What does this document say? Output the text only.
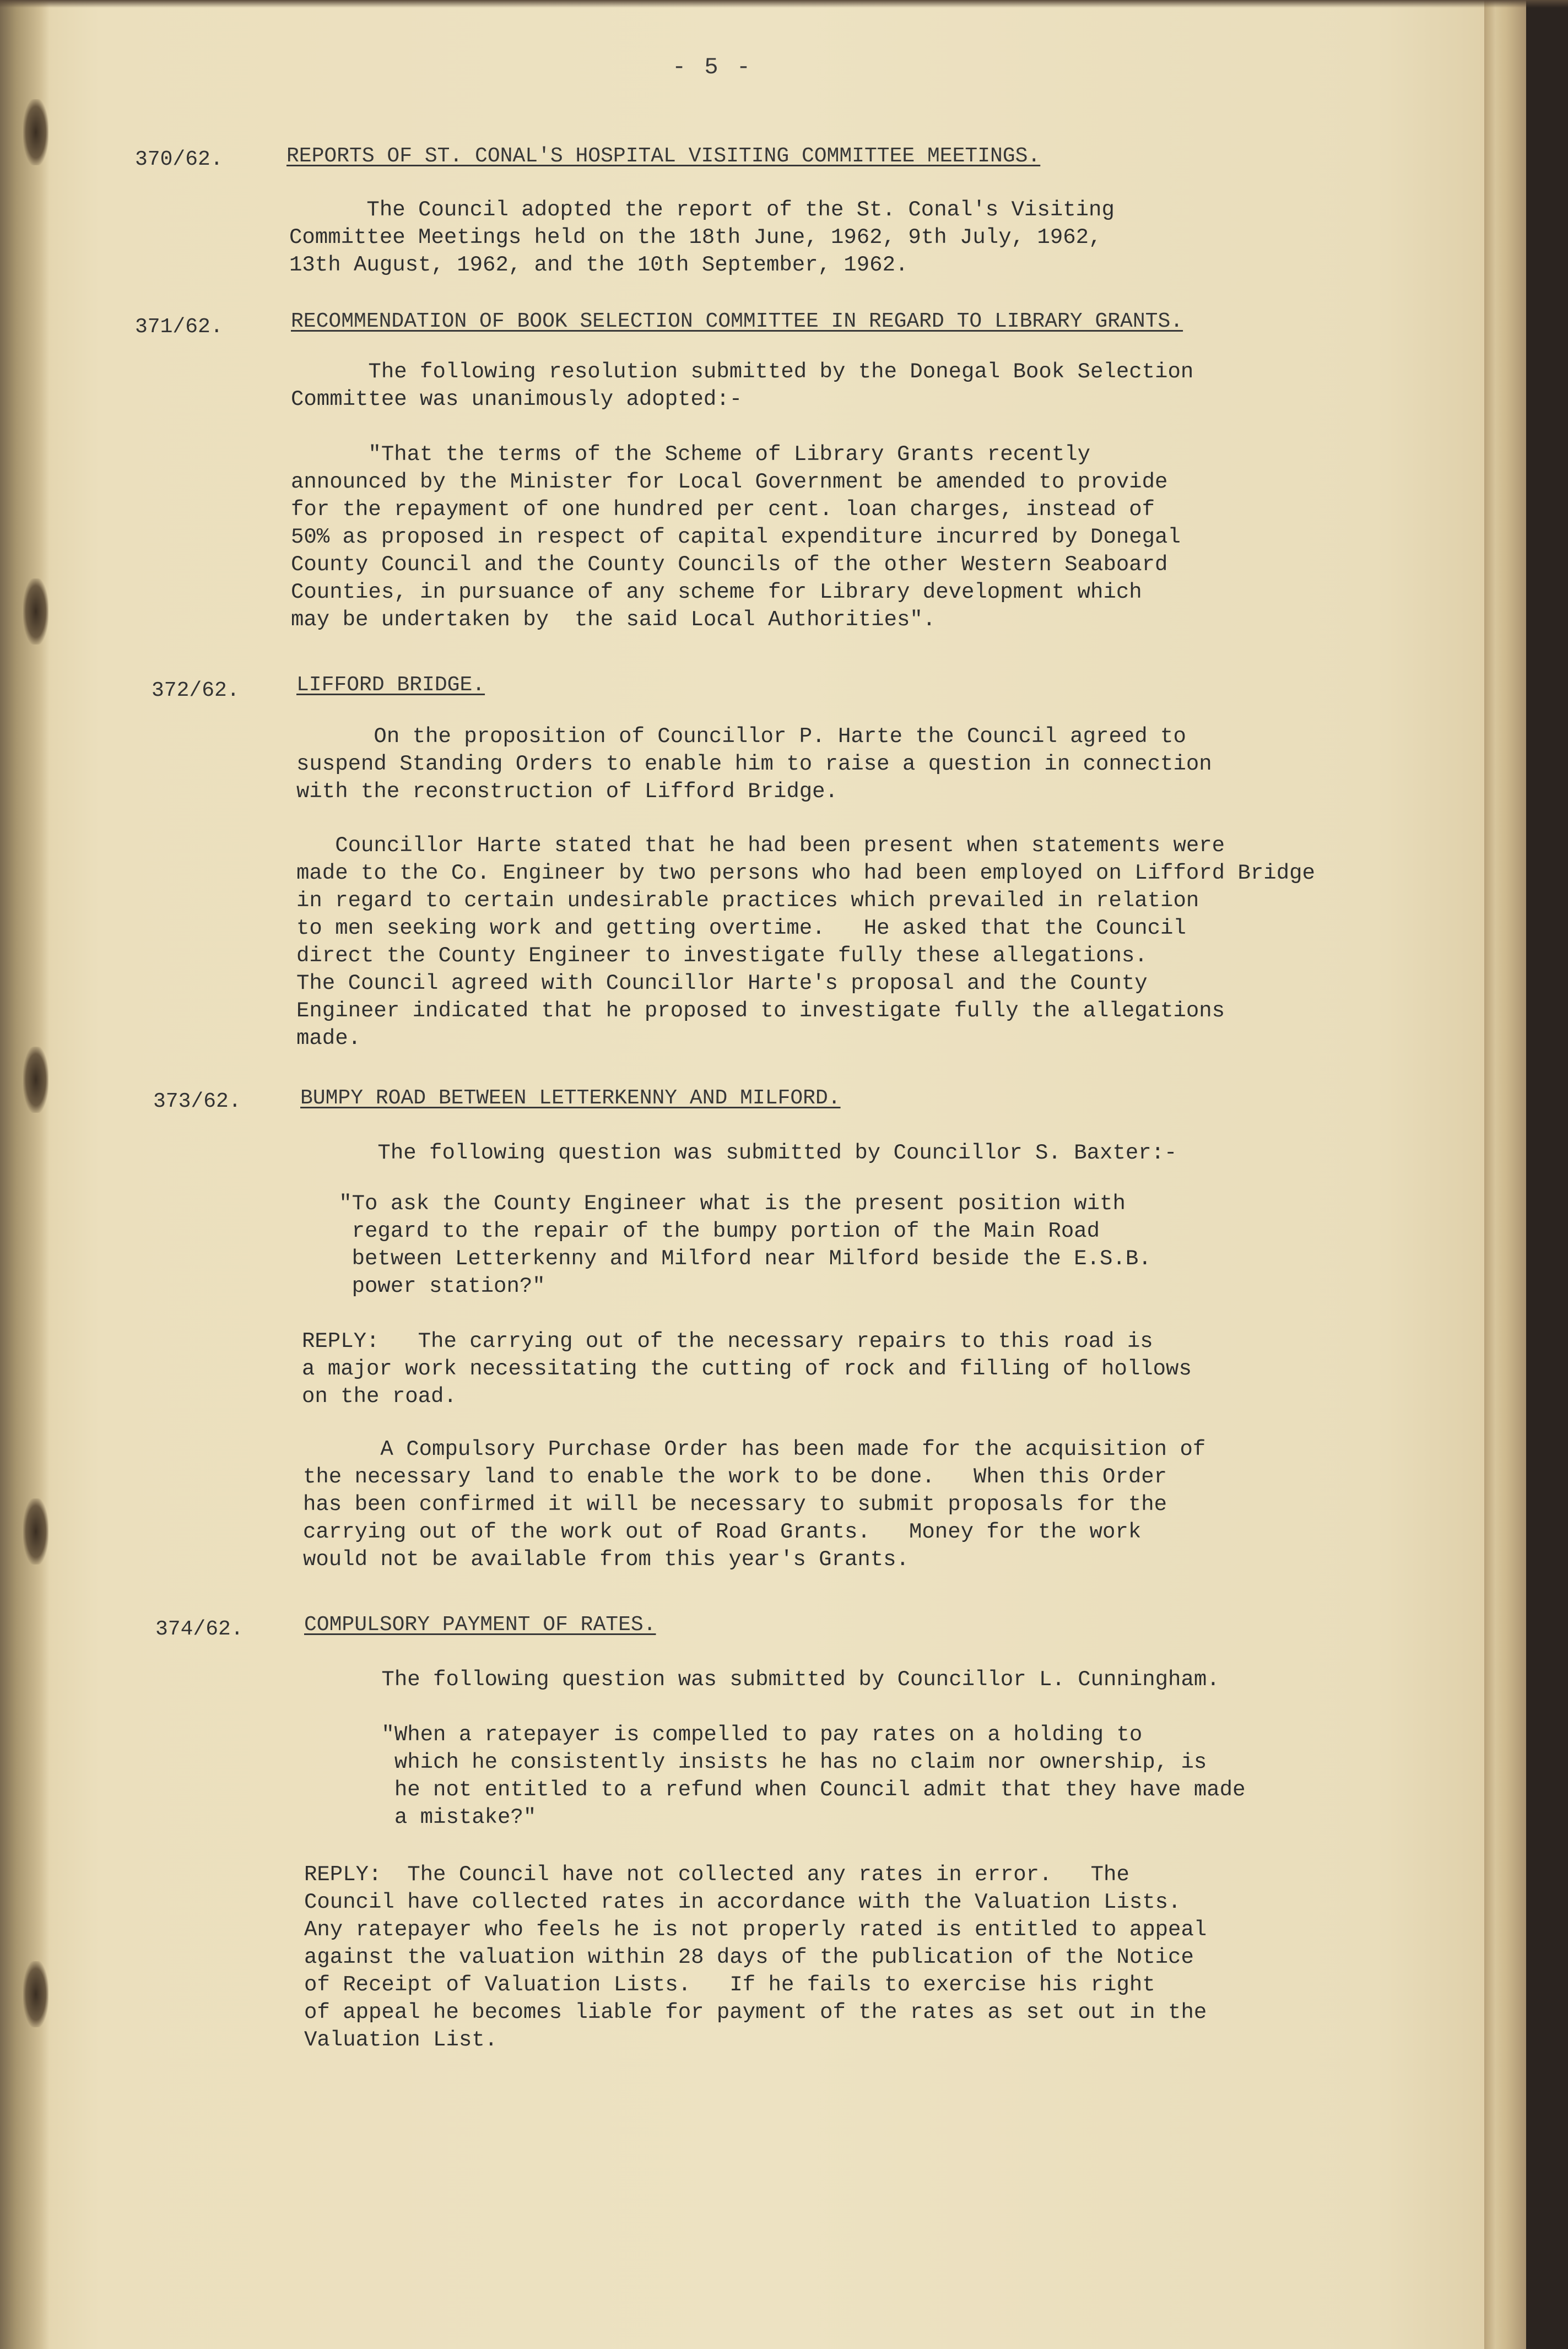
- 5 -
370/62.	REPORTS OF ST. CONAL'S HOSPITAL VISITING COMMITTEE MEETINGS.
The Council adopted the report of the St. Conal's Visiting
Committee Meetings held on the 18th June, 1962, 9th July, 1962,
13th August, 1962, and the 10th September, 1962.
371/62.	RECOMMENDATION OF BOOK SELECTION COMMITTEE IN REGARD TO LIBRARY GRANTS.
The following resolution submitted by the Donegal Book Selection
Committee was unanimously adopted:-
"That the terms of the Scheme of Library Grants recently
announced by the Minister for Local Government be amended to provide
for the repayment of one hundred per cent. loan charges, instead of
50% as proposed in respect of capital expenditure incurred by Donegal
County Council and the County Councils of the other Western Seaboard
Counties, in pursuance of any scheme for Library development which
may be undertaken by  the said Local Authorities".
372/62.	LIFFORD BRIDGE.
On the proposition of Councillor P. Harte the Council agreed to
suspend Standing Orders to enable him to raise a question in connection
with the reconstruction of Lifford Bridge.
Councillor Harte stated that he had been present when statements were
made to the Co. Engineer by two persons who had been employed on Lifford Bridge
in regard to certain undesirable practices which prevailed in relation
to men seeking work and getting overtime.   He asked that the Council
direct the County Engineer to investigate fully these allegations.
The Council agreed with Councillor Harte's proposal and the County
Engineer indicated that he proposed to investigate fully the allegations
made.
373/62.	BUMPY ROAD BETWEEN LETTERKENNY AND MILFORD.
The following question was submitted by Councillor S. Baxter:-
"To ask the County Engineer what is the present position with
regard to the repair of the bumpy portion of the Main Road
between Letterkenny and Milford near Milford beside the E.S.B.
power station?"
REPLY:   The carrying out of the necessary repairs to this road is
a major work necessitating the cutting of rock and filling of hollows
on the road.
A Compulsory Purchase Order has been made for the acquisition of
the necessary land to enable the work to be done.   When this Order
has been confirmed it will be necessary to submit proposals for the
carrying out of the work out of Road Grants.   Money for the work
would not be available from this year's Grants.
374/62.	COMPULSORY PAYMENT OF RATES.
The following question was submitted by Councillor L. Cunningham.
"When a ratepayer is compelled to pay rates on a holding to
which he consistently insists he has no claim nor ownership, is
he not entitled to a refund when Council admit that they have made
a mistake?"
REPLY:  The Council have not collected any rates in error.   The
Council have collected rates in accordance with the Valuation Lists.
Any ratepayer who feels he is not properly rated is entitled to appeal
against the valuation within 28 days of the publication of the Notice
of Receipt of Valuation Lists.   If he fails to exercise his right
of appeal he becomes liable for payment of the rates as set out in the
Valuation List.
